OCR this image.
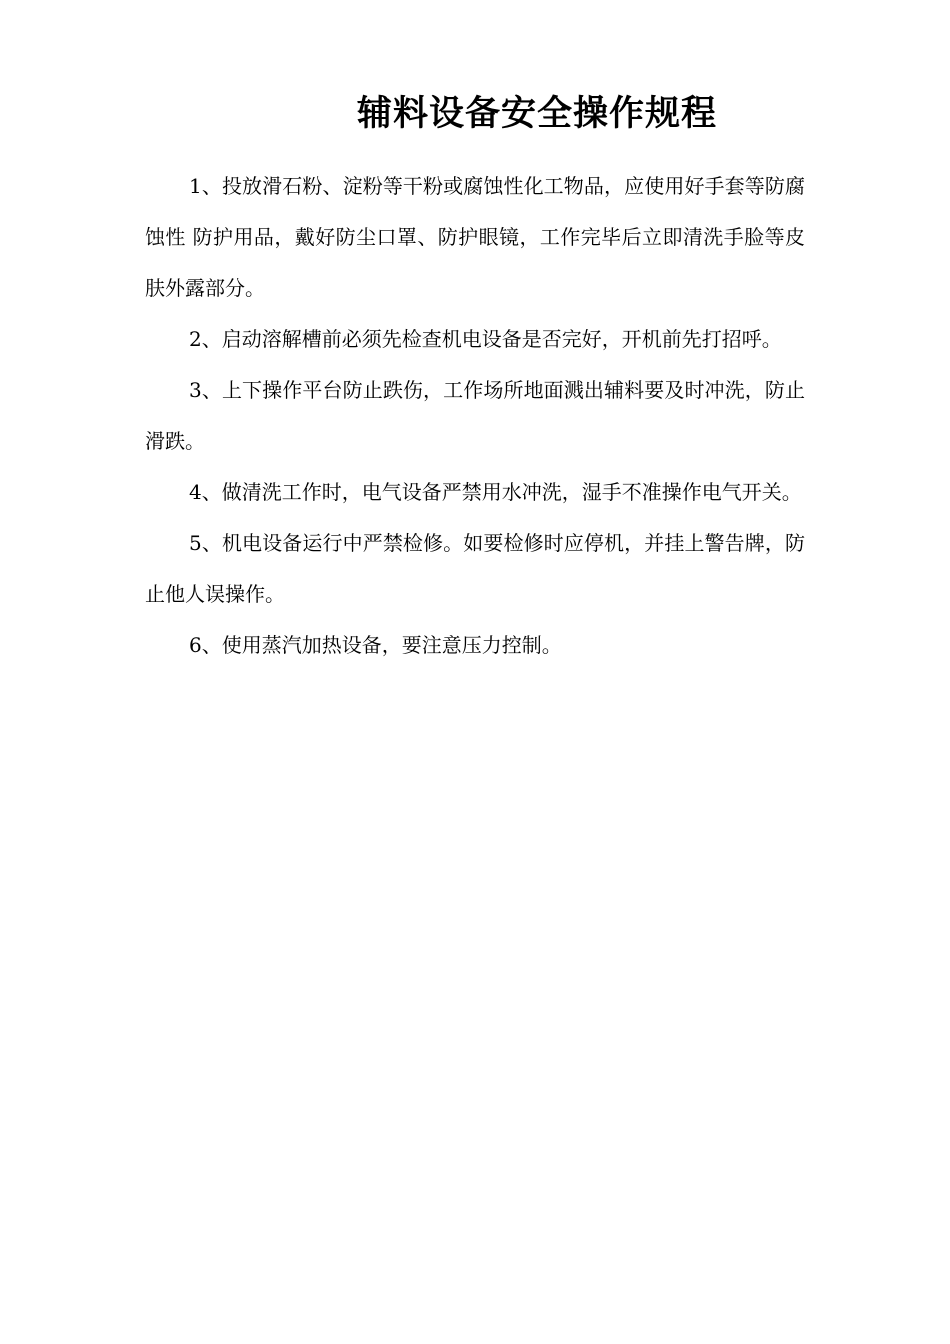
辅料设备安全操作规程

1、投放滑石粉、淀粉等干粉或腐蚀性化工物品，应使用好手套等防腐蚀性 防护用品，戴好防尘口罩、防护眼镜，工作完毕后立即清洗手脸等皮肤外露部分。

2、启动溶解槽前必须先检查机电设备是否完好，开机前先打招呼。

3、上下操作平台防止跌伤，工作场所地面溅出辅料要及时冲洗，防止滑跌。

4、做清洗工作时，电气设备严禁用水冲洗，湿手不准操作电气开关。

5、机电设备运行中严禁检修。如要检修时应停机，并挂上警告牌，防止他人误操作。

6、使用蒸汽加热设备，要注意压力控制。
